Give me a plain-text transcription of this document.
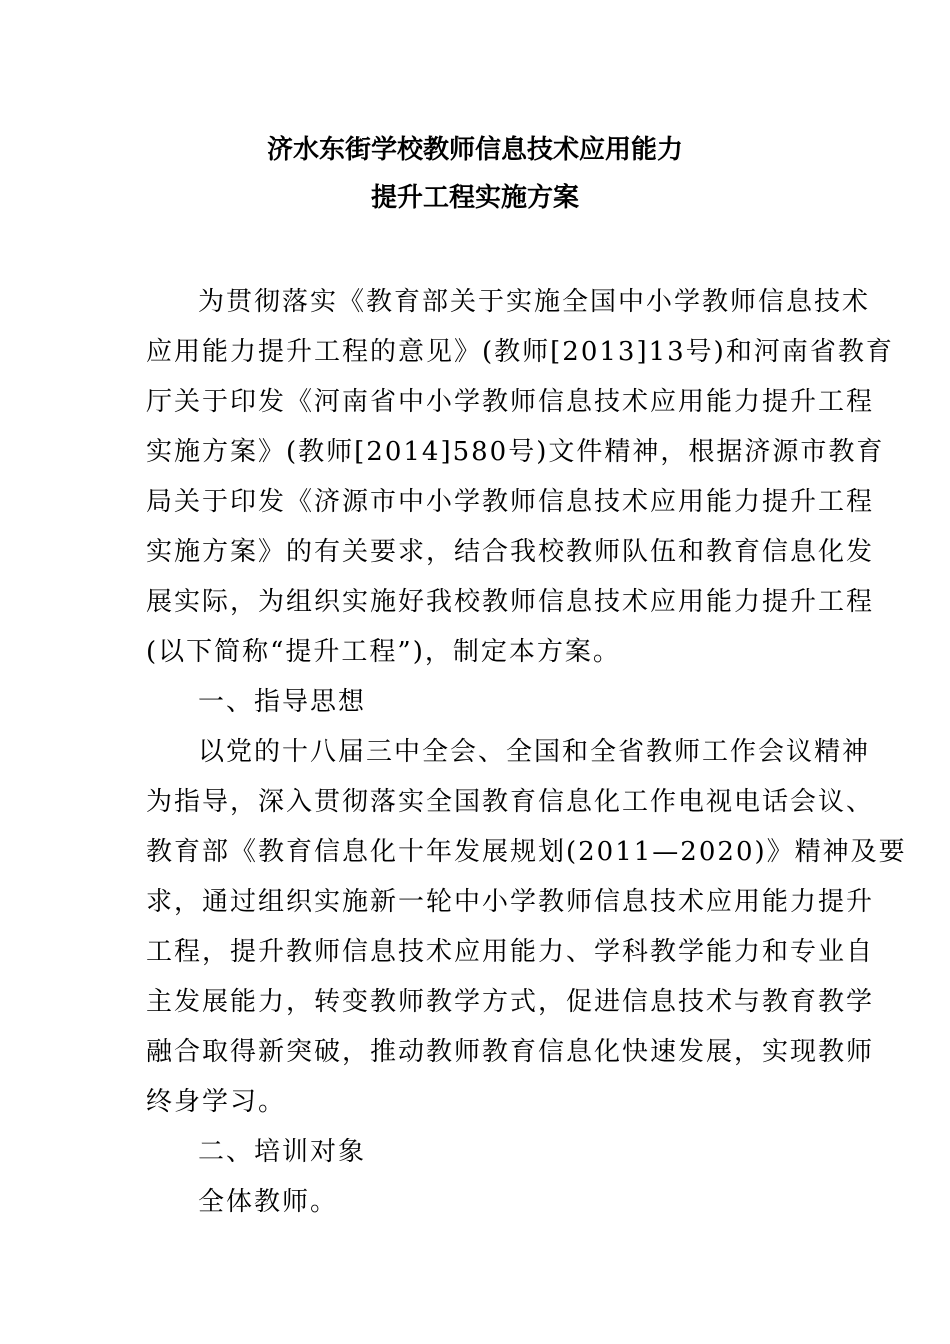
济水东街学校教师信息技术应用能力
提升工程实施方案
为贯彻落实《教育部关于实施全国中小学教师信息技术
应用能力提升工程的意见》(教师[2013]13号)和河南省教育
厅关于印发《河南省中小学教师信息技术应用能力提升工程
实施方案》(教师[2014]580号)文件精神，根据济源市教育
局关于印发《济源市中小学教师信息技术应用能力提升工程
实施方案》的有关要求，结合我校教师队伍和教育信息化发
展实际，为组织实施好我校教师信息技术应用能力提升工程
(以下简称“提升工程”)，制定本方案。
一、指导思想
以党的十八届三中全会、全国和全省教师工作会议精神
为指导，深入贯彻落实全国教育信息化工作电视电话会议、
教育部《教育信息化十年发展规划(2011—2020)》精神及要
求，通过组织实施新一轮中小学教师信息技术应用能力提升
工程，提升教师信息技术应用能力、学科教学能力和专业自
主发展能力，转变教师教学方式，促进信息技术与教育教学
融合取得新突破，推动教师教育信息化快速发展，实现教师
终身学习。
二、培训对象
全体教师。
